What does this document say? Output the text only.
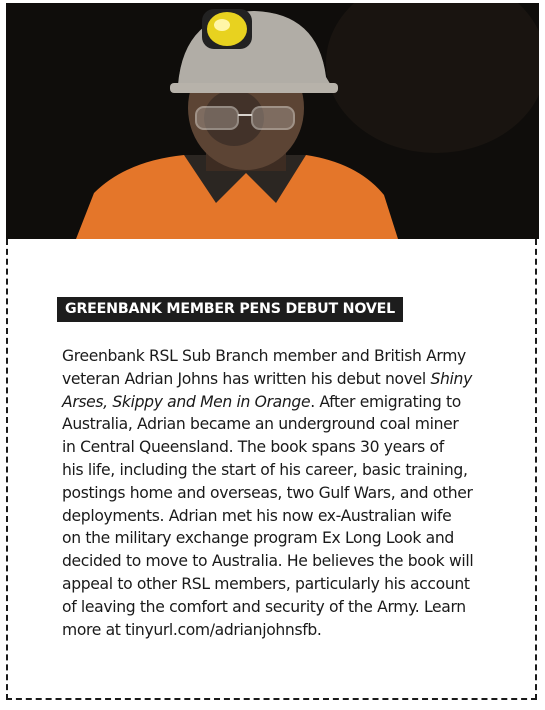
GREENBANK MEMBER PENS DEBUT NOVEL

Greenbank RSL Sub Branch member and British Army
veteran Adrian Johns has written his debut novel Shiny
Arses, Skippy and Men in Orange. After emigrating to
Australia, Adrian became an underground coal miner
in Central Queensland. The book spans 30 years of
his life, including the start of his career, basic training,
postings home and overseas, two Gulf Wars, and other
deployments. Adrian met his now ex-Australian wife
on the military exchange program Ex Long Look and
decided to move to Australia. He believes the book will
appeal to other RSL members, particularly his account
of leaving the comfort and security of the Army. Learn
more at tinyurl.com/adrianjohnsfb.
